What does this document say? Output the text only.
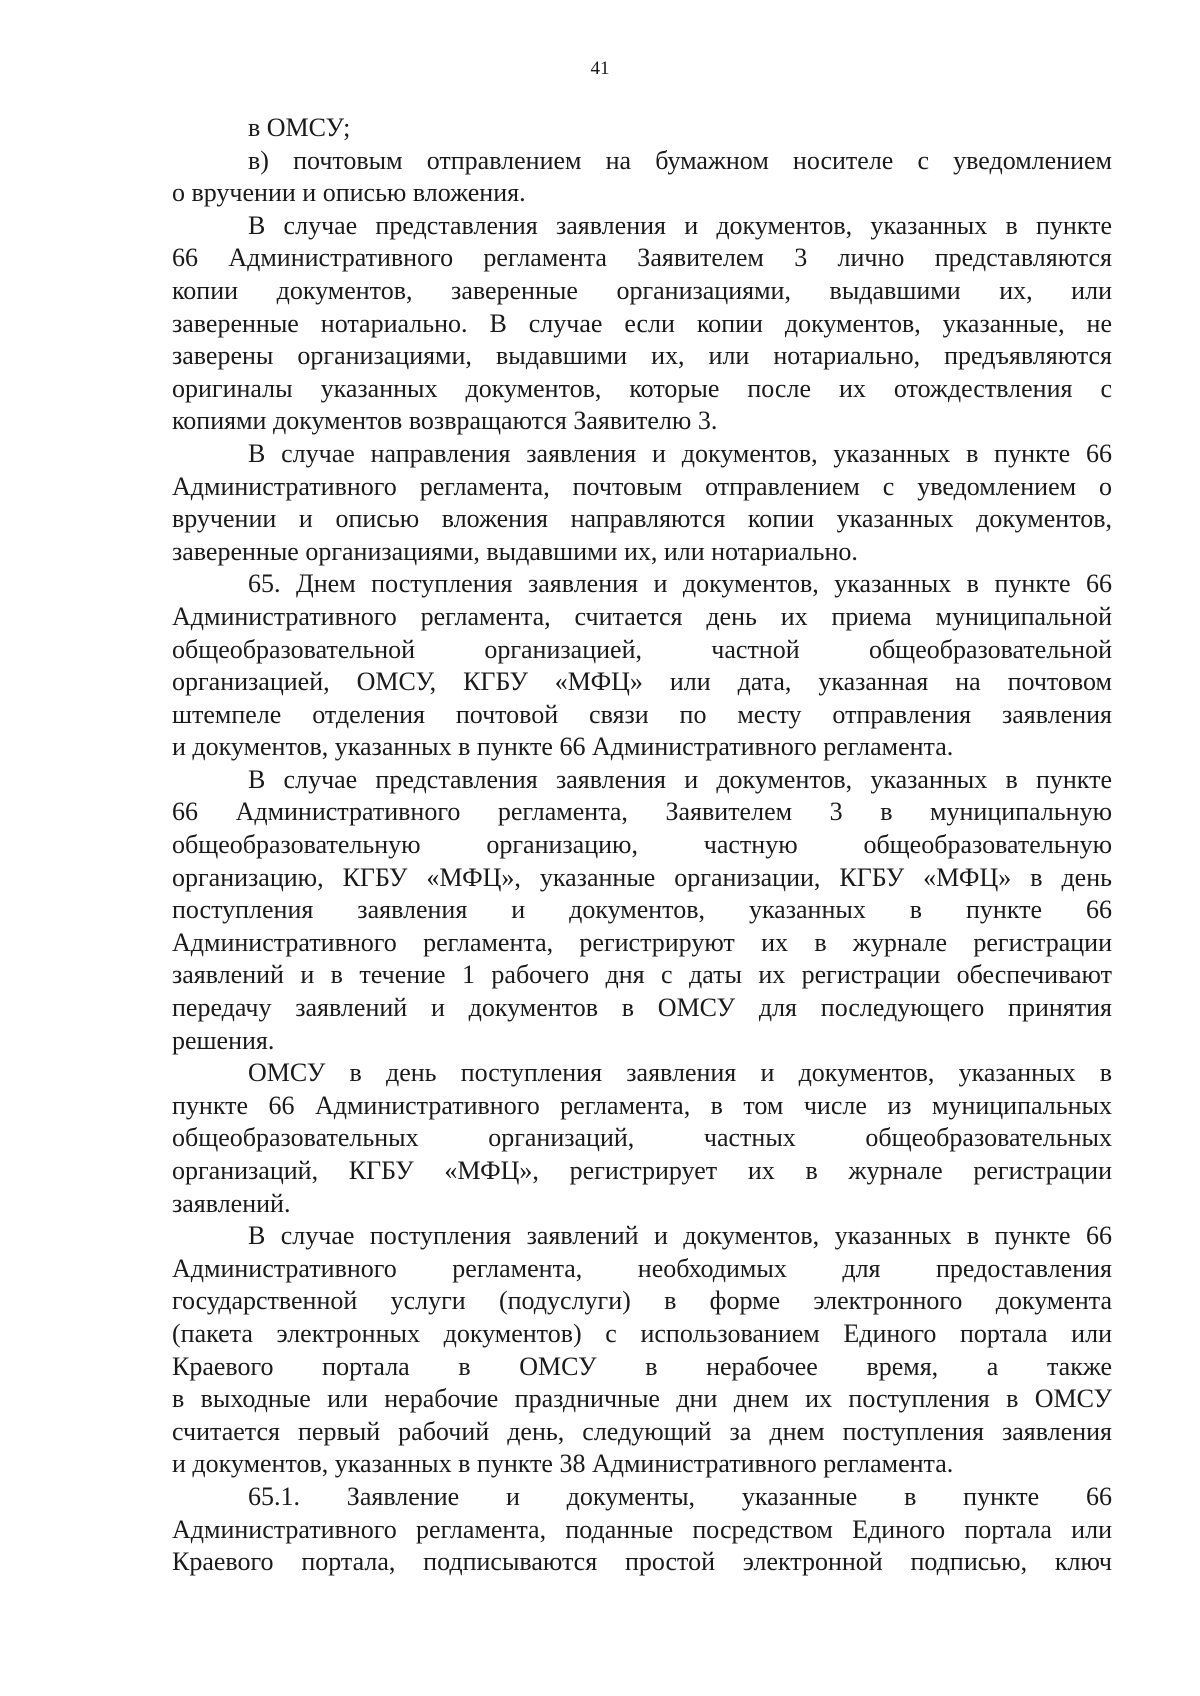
41
в ОМСУ;
в) почтовым отправлением на бумажном носителе с уведомлением
о вручении и описью вложения.
В случае представления заявления и документов, указанных в пункте
66 Административного регламента Заявителем 3 лично представляются
копии документов, заверенные организациями, выдавшими их, или
заверенные нотариально. В случае если копии документов, указанные, не
заверены организациями, выдавшими их, или нотариально, предъявляются
оригиналы указанных документов, которые после их отождествления с
копиями документов возвращаются Заявителю 3.
В случае направления заявления и документов, указанных в пункте 66
Административного регламента, почтовым отправлением с уведомлением о
вручении и описью вложения направляются копии указанных документов,
заверенные организациями, выдавшими их, или нотариально.
65. Днем поступления заявления и документов, указанных в пункте 66
Административного регламента, считается день их приема муниципальной
общеобразовательной организацией, частной общеобразовательной
организацией, ОМСУ, КГБУ «МФЦ» или дата, указанная на почтовом
штемпеле отделения почтовой связи по месту отправления заявления
и документов, указанных в пункте 66 Административного регламента.
В случае представления заявления и документов, указанных в пункте
66 Административного регламента, Заявителем 3 в муниципальную
общеобразовательную организацию, частную общеобразовательную
организацию, КГБУ «МФЦ», указанные организации, КГБУ «МФЦ» в день
поступления заявления и документов, указанных в пункте 66
Административного регламента, регистрируют их в журнале регистрации
заявлений и в течение 1 рабочего дня с даты их регистрации обеспечивают
передачу заявлений и документов в ОМСУ для последующего принятия
решения.
ОМСУ в день поступления заявления и документов, указанных в
пункте 66 Административного регламента, в том числе из муниципальных
общеобразовательных организаций, частных общеобразовательных
организаций, КГБУ «МФЦ», регистрирует их в журнале регистрации
заявлений.
В случае поступления заявлений и документов, указанных в пункте 66
Административного регламента, необходимых для предоставления
государственной услуги (подуслуги) в форме электронного документа
(пакета электронных документов) с использованием Единого портала или
Краевого портала в ОМСУ в нерабочее время, а также
в выходные или нерабочие праздничные дни днем их поступления в ОМСУ
считается первый рабочий день, следующий за днем поступления заявления
и документов, указанных в пункте 38 Административного регламента.
65.1. Заявление и документы, указанные в пункте 66
Административного регламента, поданные посредством Единого портала или
Краевого портала, подписываются простой электронной подписью, ключ
